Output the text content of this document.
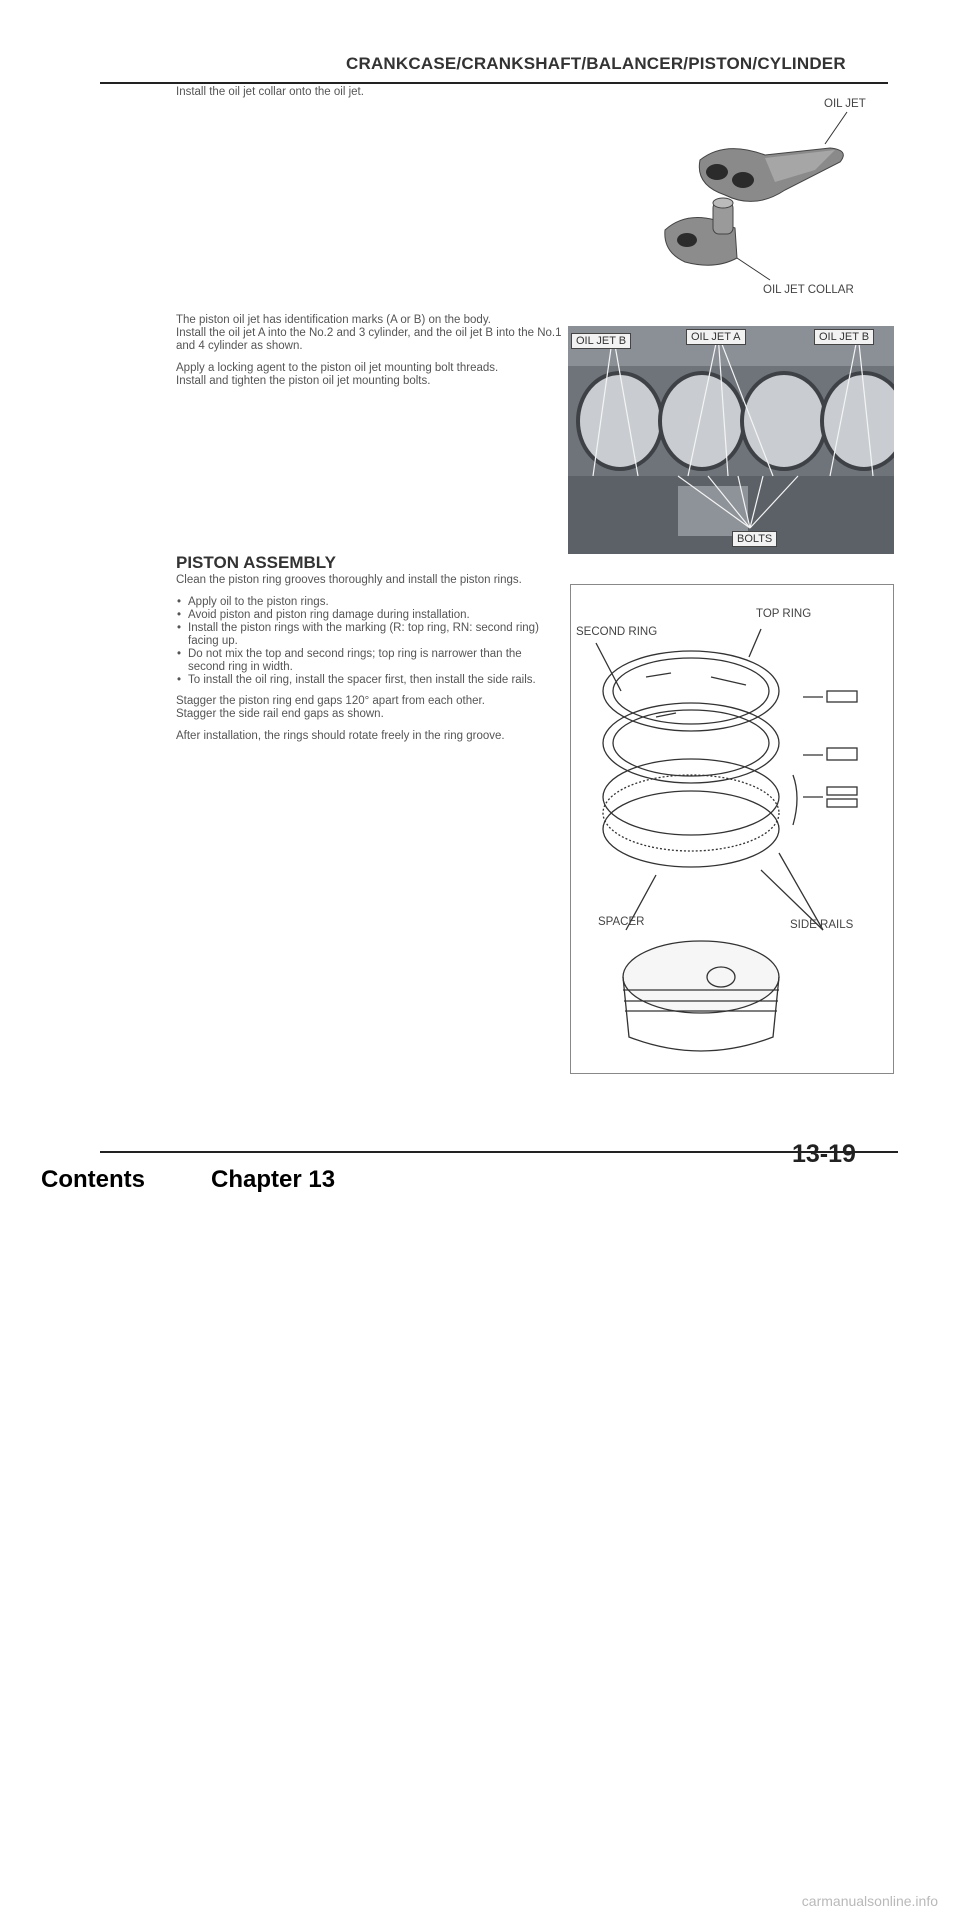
CRANKCASE/CRANKSHAFT/BALANCER/PISTON/CYLINDER
Install the oil jet collar onto the oil jet.
OIL JET
OIL JET COLLAR

The piston oil jet has identification marks (A or B) on the body.
Install the oil jet A into the No.2 and 3 cylinder, and the oil jet B into the No.1 and 4 cylinder as shown.

Apply a locking agent to the piston oil jet mounting bolt threads.
Install and tighten the piston oil jet mounting bolts.

OIL JET B	OIL JET A	OIL JET B
BOLTS
PISTON ASSEMBLY

Clean the piston ring grooves thoroughly and install the piston rings.

• Apply oil to the piston rings.
• Avoid piston and piston ring damage during installation.
• Install the piston rings with the marking (R: top ring, RN: second ring) facing up.
• Do not mix the top and second rings; top ring is narrower than the second ring in width.
• To install the oil ring, install the spacer first, then install the side rails.

Stagger the piston ring end gaps 120° apart from each other.
Stagger the side rail end gaps as shown.

After installation, the rings should rotate freely in the ring groove.

TOP RING
SECOND RING
SPACER	SIDE RAILS
13-19
Contents	Chapter 13
carmanualsonline.info
